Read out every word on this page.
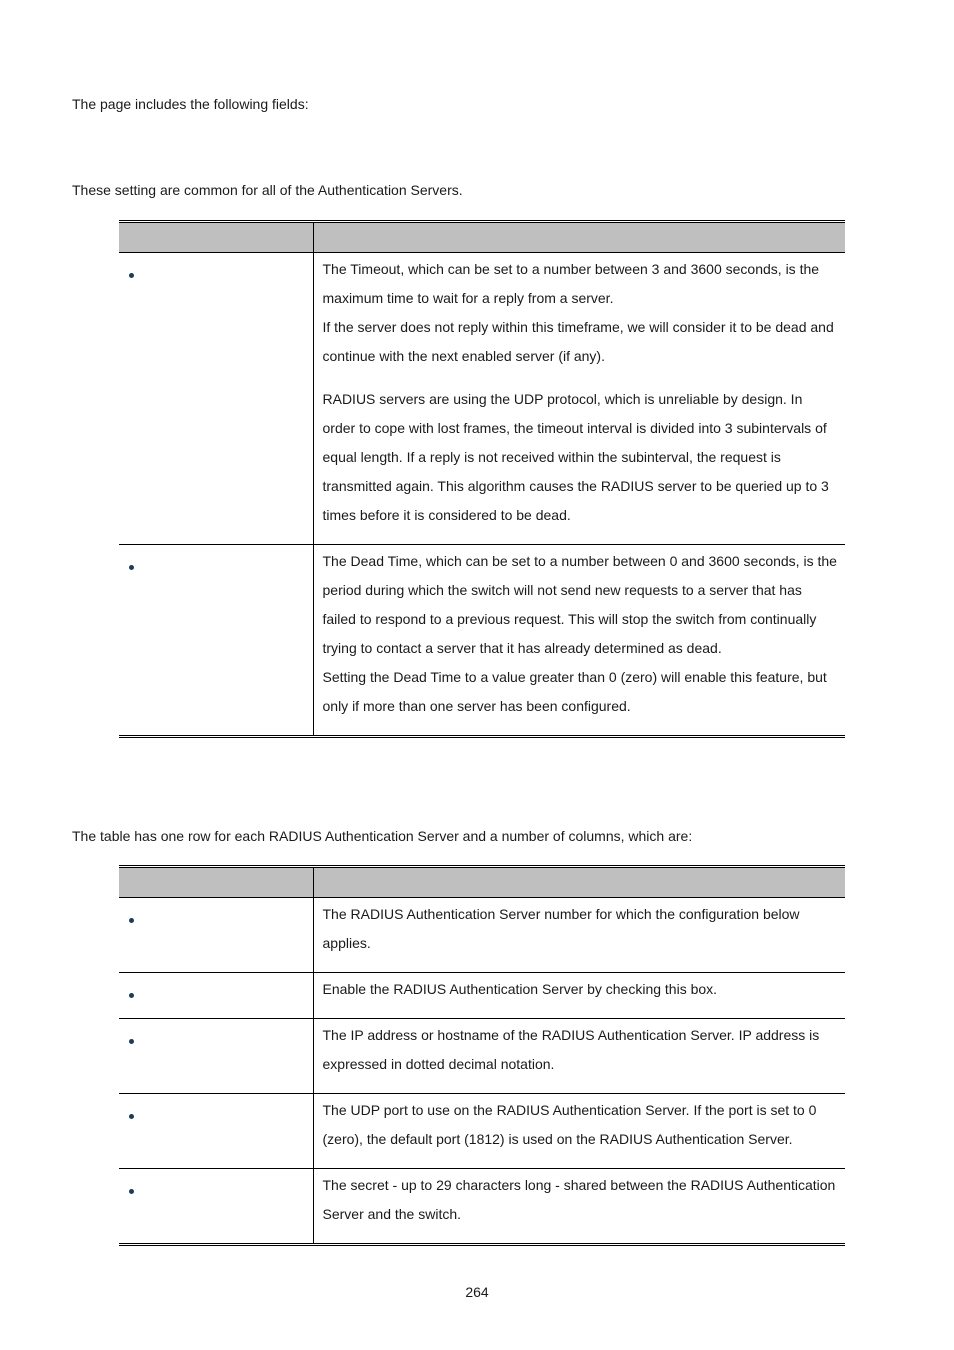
The page includes the following fields:

These setting are common for all of the Authentication Servers.

	The Timeout, which can be set to a number between 3 and 3600 seconds, is the maximum time to wait for a reply from a server.

If the server does not reply within this timeframe, we will consider it to be dead and continue with the next enabled server (if any).

RADIUS servers are using the UDP protocol, which is unreliable by design. In order to cope with lost frames, the timeout interval is divided into 3 subintervals of equal length. If a reply is not received within the subinterval, the request is transmitted again. This algorithm causes the RADIUS server to be queried up to 3 times before it is considered to be dead.

	The Dead Time, which can be set to a number between 0 and 3600 seconds, is the period during which the switch will not send new requests to a server that has failed to respond to a previous request. This will stop the switch from continually trying to contact a server that it has already determined as dead.

Setting the Dead Time to a value greater than 0 (zero) will enable this feature, but only if more than one server has been configured.

The table has one row for each RADIUS Authentication Server and a number of columns, which are:

	The RADIUS Authentication Server number for which the configuration below applies.

	Enable the RADIUS Authentication Server by checking this box.

	The IP address or hostname of the RADIUS Authentication Server. IP address is expressed in dotted decimal notation.

	The UDP port to use on the RADIUS Authentication Server. If the port is set to 0 (zero), the default port (1812) is used on the RADIUS Authentication Server.

	The secret - up to 29 characters long - shared between the RADIUS Authentication Server and the switch.

264
